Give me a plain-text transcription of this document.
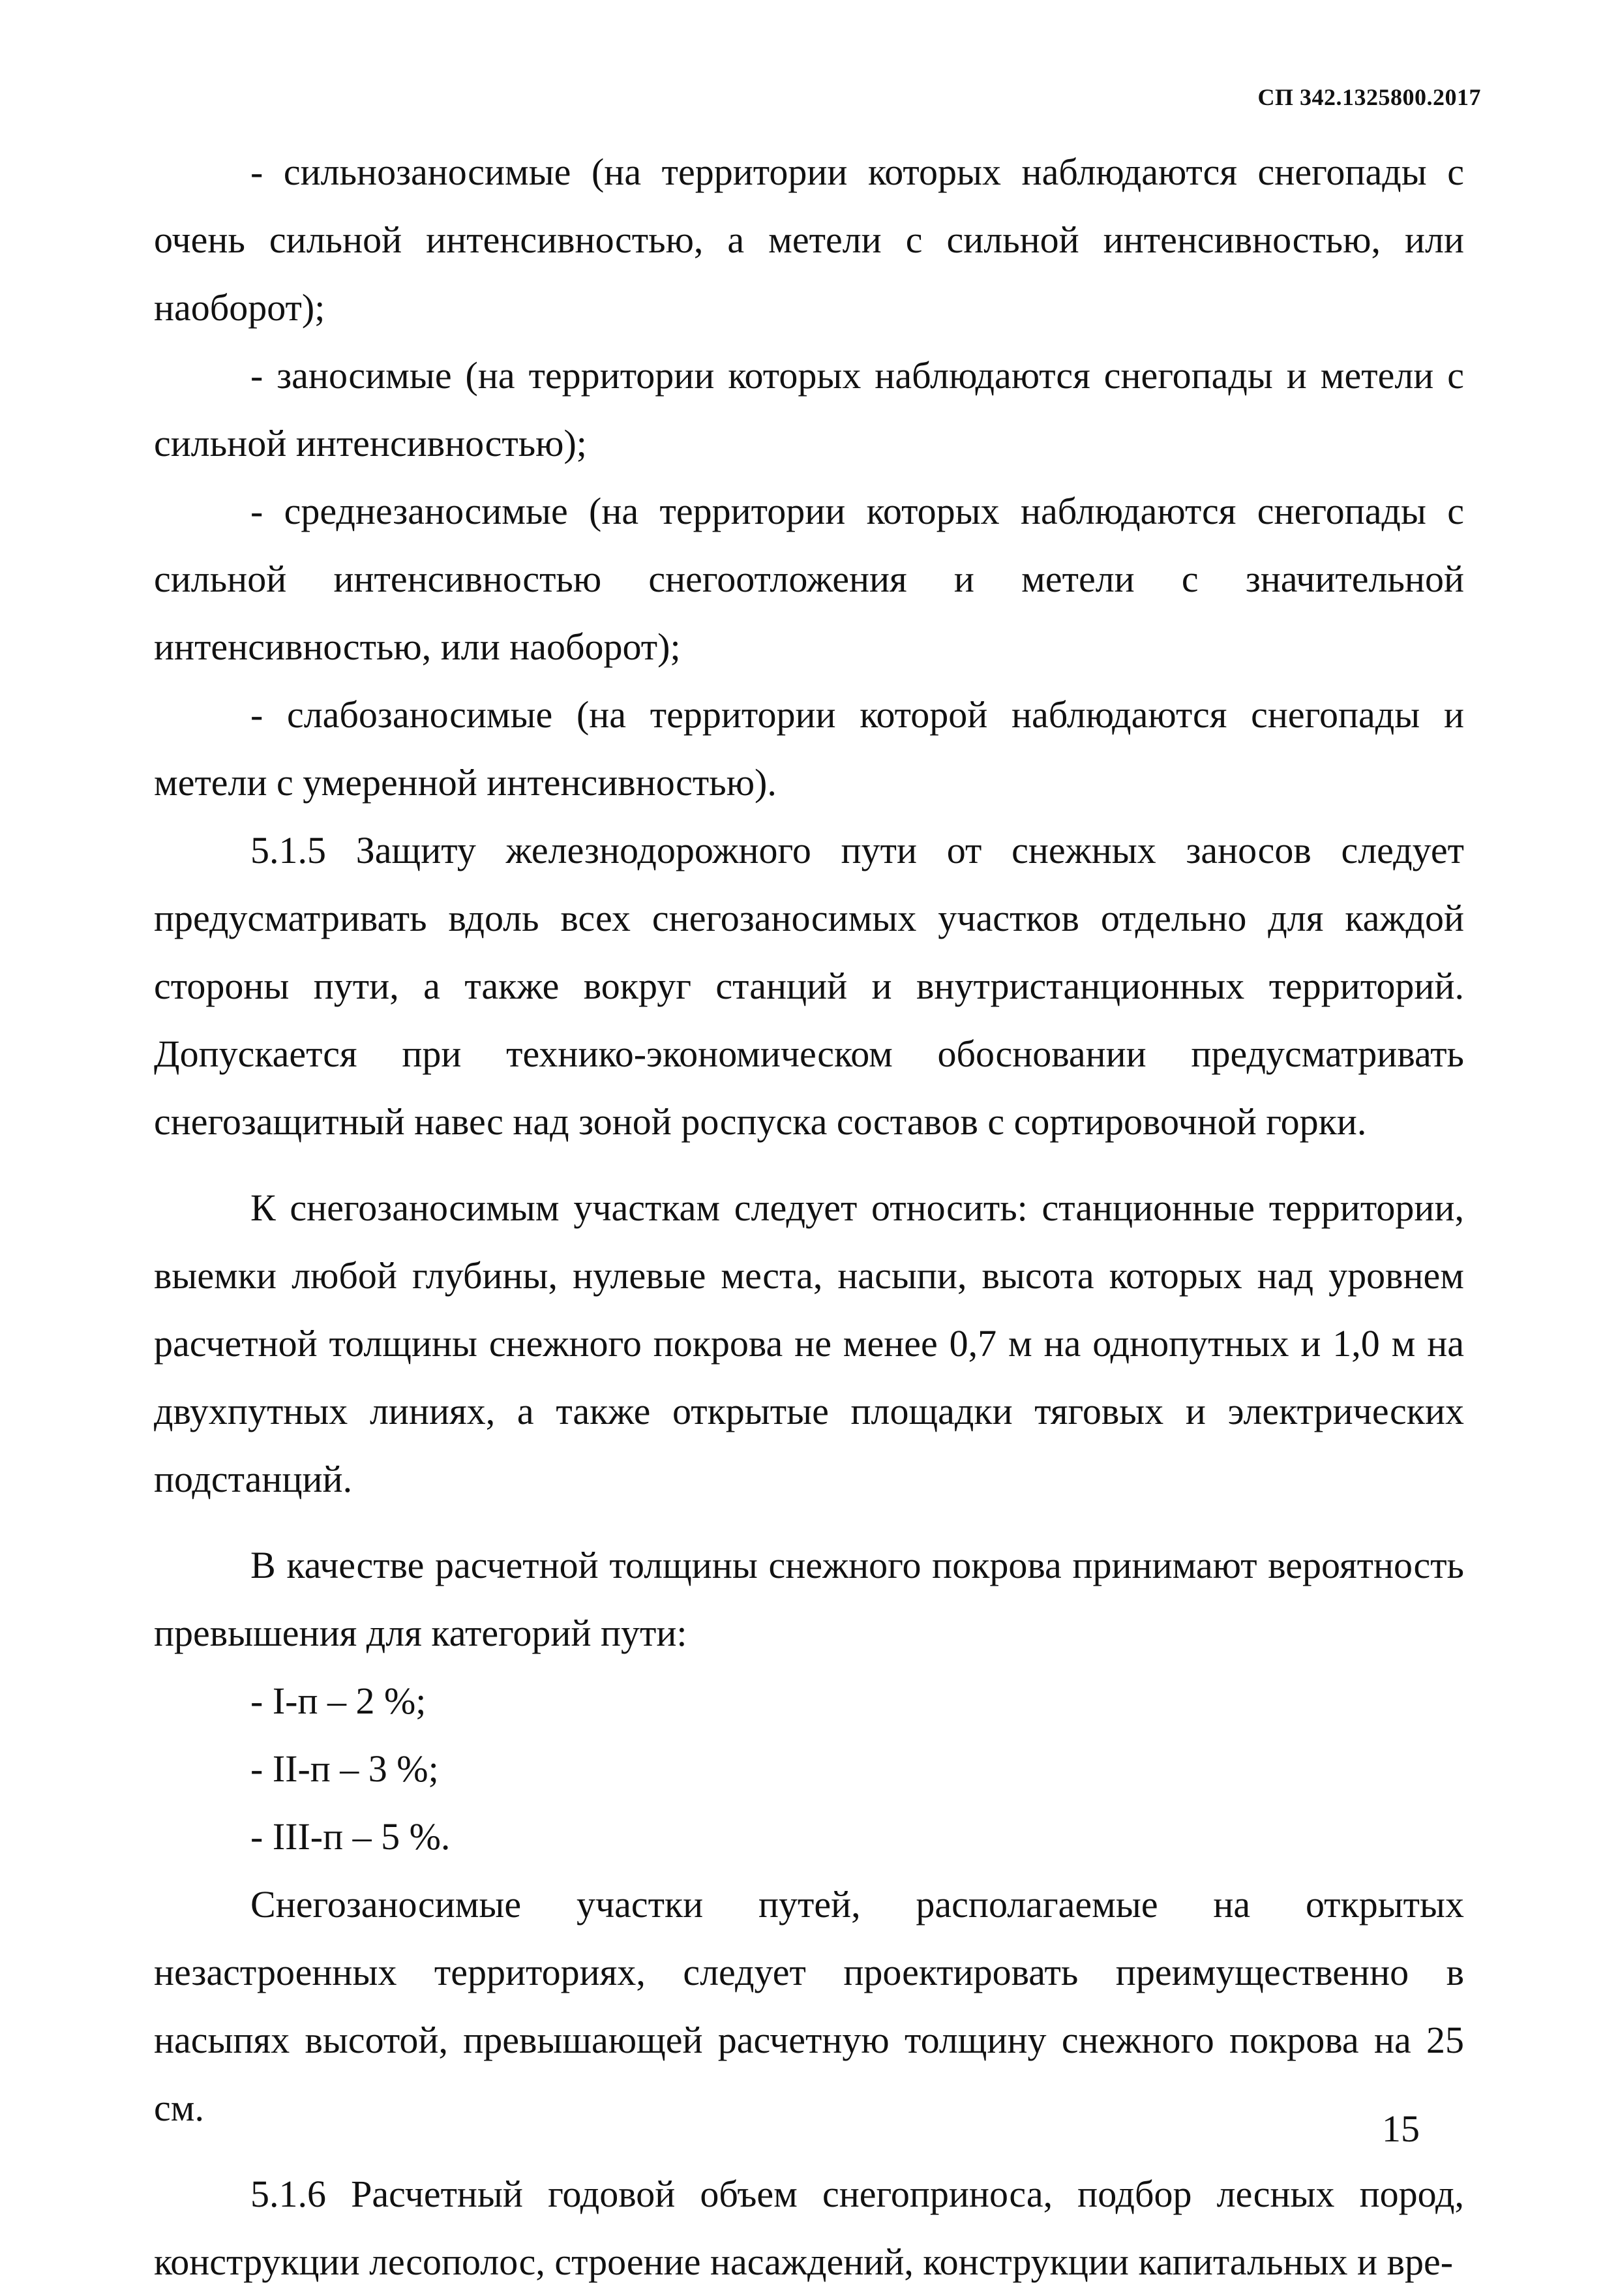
СП 342.1325800.2017

- сильнозаносимые (на территории которых наблюдаются снегопады с очень сильной интенсивностью, а метели с сильной интенсивностью, или наоборот);

- заносимые (на территории которых наблюдаются снегопады и метели с сильной интенсивностью);

- среднезаносимые (на территории которых наблюдаются снегопады с сильной интенсивностью снегоотложения и метели с значительной интенсивностью, или наоборот);

- слабозаносимые (на территории которой наблюдаются снегопады и метели с умеренной интенсивностью).

5.1.5 Защиту железнодорожного пути от снежных заносов следует предусматривать вдоль всех снегозаносимых участков отдельно для каждой стороны пути, а также вокруг станций и внутристанционных территорий. Допускается при технико-экономическом обосновании предусматривать снегозащитный навес над зоной роспуска составов с сортировочной горки.

К снегозаносимым участкам следует относить: станционные территории, выемки любой глубины, нулевые места, насыпи, высота которых над уровнем расчетной толщины снежного покрова не менее 0,7 м на однопутных и 1,0 м на двухпутных линиях, а также открытые площадки тяговых и электрических подстанций.

В качестве расчетной толщины снежного покрова принимают вероятность превышения для категорий пути:

- I-п – 2 %;

- II-п – 3 %;

- III-п – 5 %.

Снегозаносимые участки путей, располагаемые на открытых незастроенных территориях, следует проектировать преимущественно в насыпях высотой, превышающей расчетную толщину снежного покрова на 25 см.

5.1.6 Расчетный годовой объем снегоприноса, подбор лесных пород, конструкции лесополос, строение насаждений, конструкции капитальных и вре-

15
